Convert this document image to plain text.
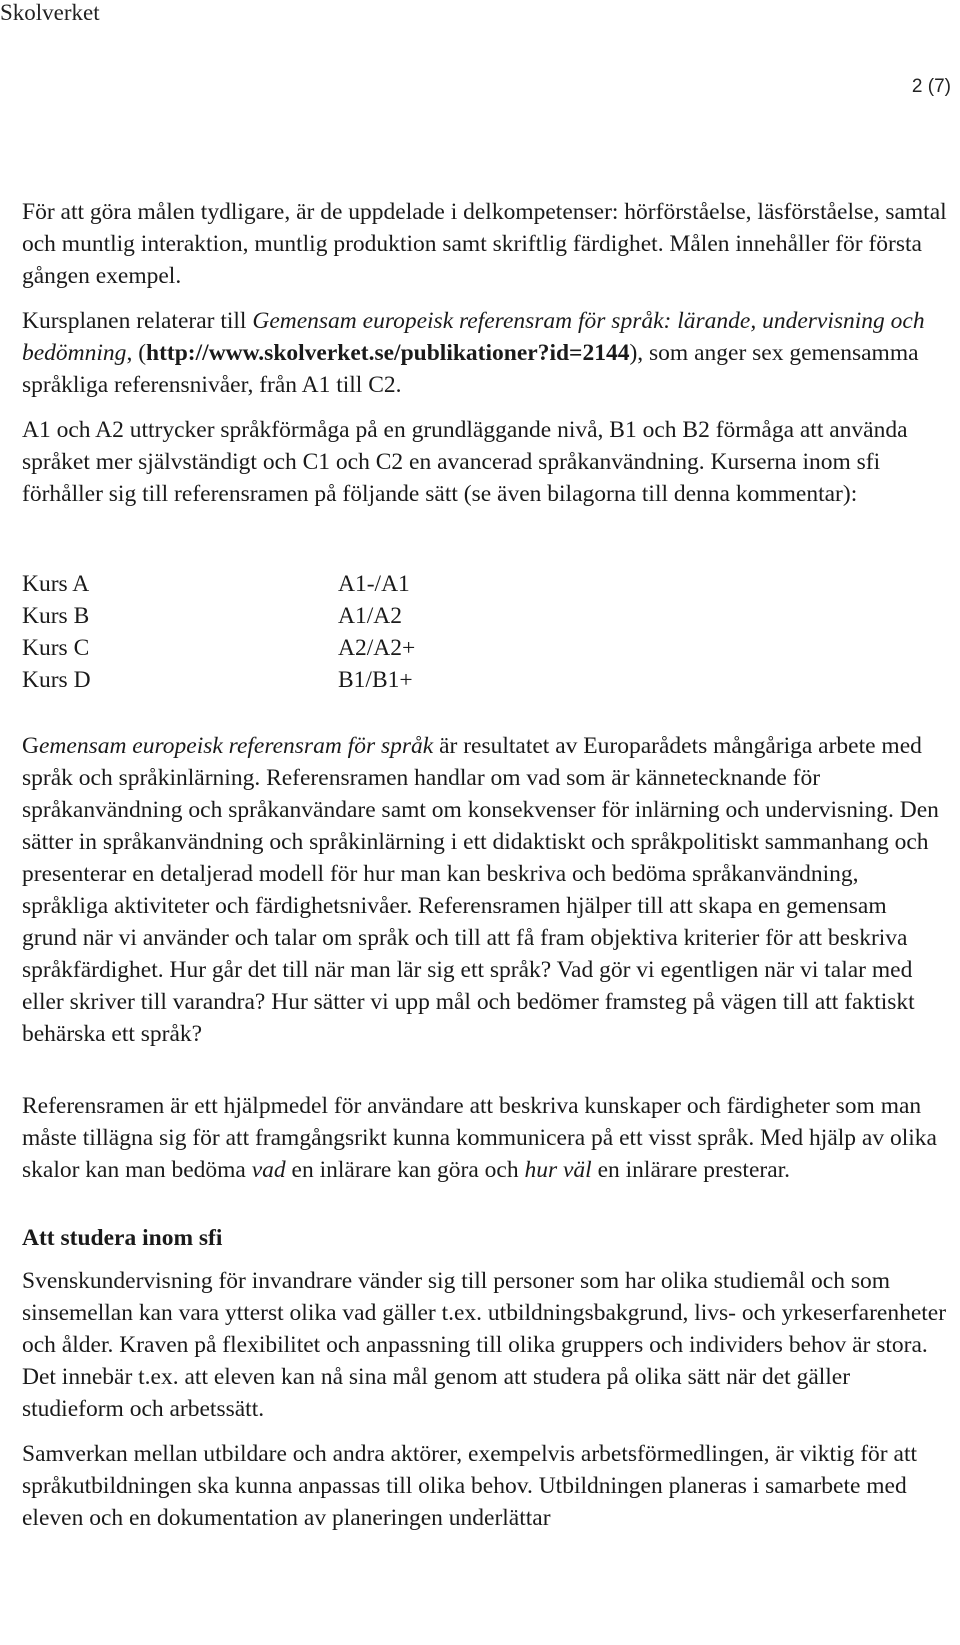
Skolverket
2 (7)

För att göra målen tydligare, är de uppdelade i delkompetenser: hörförståelse, läsförståelse, samtal och muntlig interaktion, muntlig produktion samt skriftlig färdighet. Målen innehåller för första gången exempel.

Kursplanen relaterar till Gemensam europeisk referensram för språk: lärande, undervisning och bedömning, (http://www.skolverket.se/publikationer?id=2144), som anger sex gemensamma språkliga referensnivåer, från A1 till C2.

A1 och A2 uttrycker språkförmåga på en grundläggande nivå, B1 och B2 förmåga att använda språket mer självständigt och C1 och C2 en avancerad språkanvändning. Kurserna inom sfi förhåller sig till referensramen på följande sätt (se även bilagorna till denna kommentar):

Kurs A	A1-/A1
Kurs B	A1/A2
Kurs C	A2/A2+
Kurs D	B1/B1+

Gemensam europeisk referensram för språk är resultatet av Europarådets mångåriga arbete med språk och språkinlärning. Referensramen handlar om vad som är kännetecknande för språkanvändning och språkanvändare samt om konsekvenser för inlärning och undervisning. Den sätter in språkanvändning och språkinlärning i ett didaktiskt och språkpolitiskt sammanhang och presenterar en detaljerad modell för hur man kan beskriva och bedöma språkanvändning, språkliga aktiviteter och färdighetsnivåer. Referensramen hjälper till att skapa en gemensam grund när vi använder och talar om språk och till att få fram objektiva kriterier för att beskriva språkfärdighet. Hur går det till när man lär sig ett språk? Vad gör vi egentligen när vi talar med eller skriver till varandra? Hur sätter vi upp mål och bedömer framsteg på vägen till att faktiskt behärska ett språk?

Referensramen är ett hjälpmedel för användare att beskriva kunskaper och färdigheter som man måste tillägna sig för att framgångsrikt kunna kommunicera på ett visst språk. Med hjälp av olika skalor kan man bedöma vad en inlärare kan göra och hur väl en inlärare presterar.

Att studera inom sfi

Svenskundervisning för invandrare vänder sig till personer som har olika studiemål och som sinsemellan kan vara ytterst olika vad gäller t.ex. utbildningsbakgrund, livs- och yrkeserfarenheter och ålder. Kraven på flexibilitet och anpassning till olika gruppers och individers behov är stora. Det innebär t.ex. att eleven kan nå sina mål genom att studera på olika sätt när det gäller studieform och arbetssätt.

Samverkan mellan utbildare och andra aktörer, exempelvis arbetsförmedlingen, är viktig för att språkutbildningen ska kunna anpassas till olika behov. Utbildningen planeras i samarbete med eleven och en dokumentation av planeringen underlättar
